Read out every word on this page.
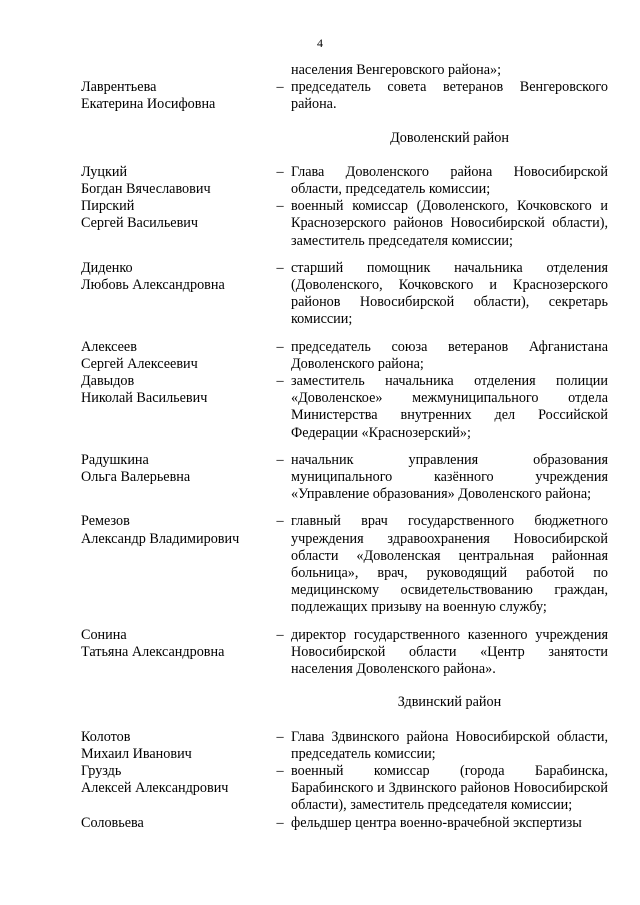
4
населения Венгеровского района»;
Лаврентьева
Екатерина Иосифовна
– председатель совета ветеранов Венгеровского района.
Доволенский район
Луцкий
Богдан Вячеславович
– Глава Доволенского района Новосибирской области, председатель комиссии;
Пирский
Сергей Васильевич
– военный комиссар (Доволенского, Кочковского и Краснозерского районов Новосибирской области), заместитель председателя комиссии;
Диденко
Любовь Александровна
– старший помощник начальника отделения (Доволенского, Кочковского и Краснозерского районов Новосибирской области), секретарь комиссии;
Алексеев
Сергей Алексеевич
– председатель союза ветеранов Афганистана Доволенского района;
Давыдов
Николай Васильевич
– заместитель начальника отделения полиции «Доволенское» межмуниципального отдела Министерства внутренних дел Российской Федерации «Краснозерский»;
Радушкина
Ольга Валерьевна
– начальник управления образования муниципального казённого учреждения «Управление образования» Доволенского района;
Ремезов
Александр Владимирович
– главный врач государственного бюджетного учреждения здравоохранения Новосибирской области «Доволенская центральная районная больница», врач, руководящий работой по медицинскому освидетельствованию граждан, подлежащих призыву на военную службу;
Сонина
Татьяна Александровна
– директор государственного казенного учреждения Новосибирской области «Центр занятости населения Доволенского района».
Здвинский район
Колотов
Михаил Иванович
– Глава Здвинского района Новосибирской области, председатель комиссии;
Груздь
Алексей Александрович
– военный комиссар (города Барабинска, Барабинского и Здвинского районов Новосибирской области), заместитель председателя комиссии;
Соловьева	– фельдшер центра военно-врачебной экспертизы
